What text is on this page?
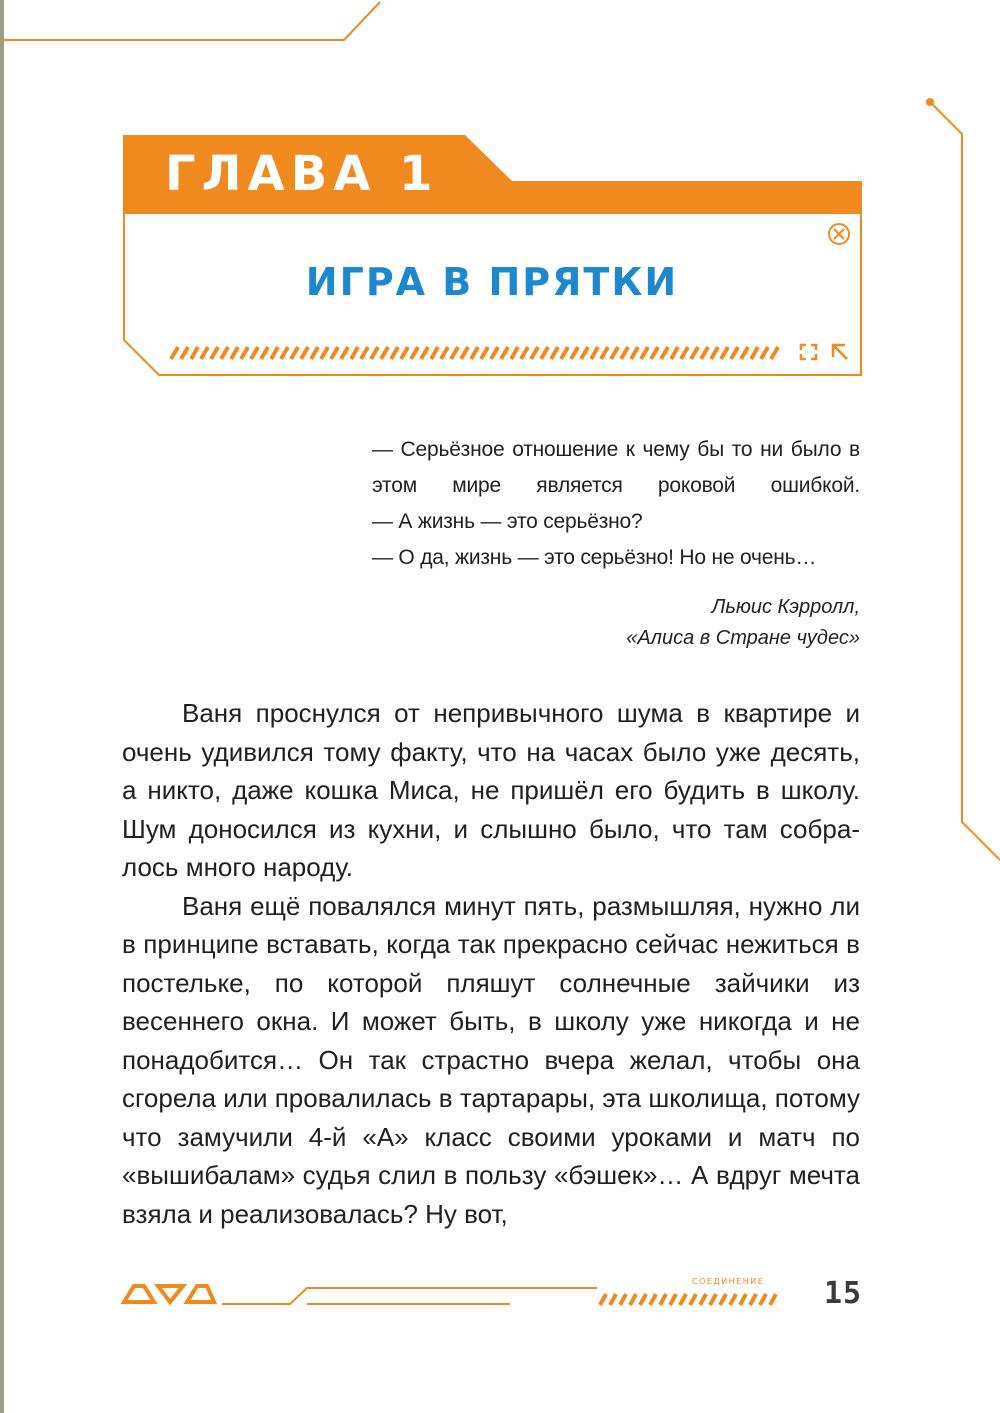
ГЛАВА 1
ИГРА В ПРЯТКИ

— Серьёзное отношение к чему бы то ни было в этом мире является роковой ошибкой.

— А жизнь — это серьёзно?

— О да, жизнь — это серьёзно! Но не очень…

Льюис Кэрролл,
«Алиса в Стране чудес»

Ваня проснулся от непривычного шума в квартире и очень удивился тому факту, что на часах было уже десять, а никто, даже кошка Миса, не пришёл его будить в школу. Шум доносился из кухни, и слышно было, что там собралось много народу.

Ваня ещё повалялся минут пять, размышляя, нужно ли в принципе вставать, когда так прекрасно сейчас нежиться в постельке, по которой пляшут солнечные зайчики из весеннего окна. И может быть, в школу уже никогда и не понадобится… Он так страстно вчера желал, чтобы она сгорела или провалилась в тартарары, эта школища, потому что замучили 4-й «А» класс своими уроками и матч по «вышибалам» судья слил в пользу «бэшек»… А вдруг мечта взяла и реализовалась? Ну вот,

СОЕДИНЕНИЕ 15
